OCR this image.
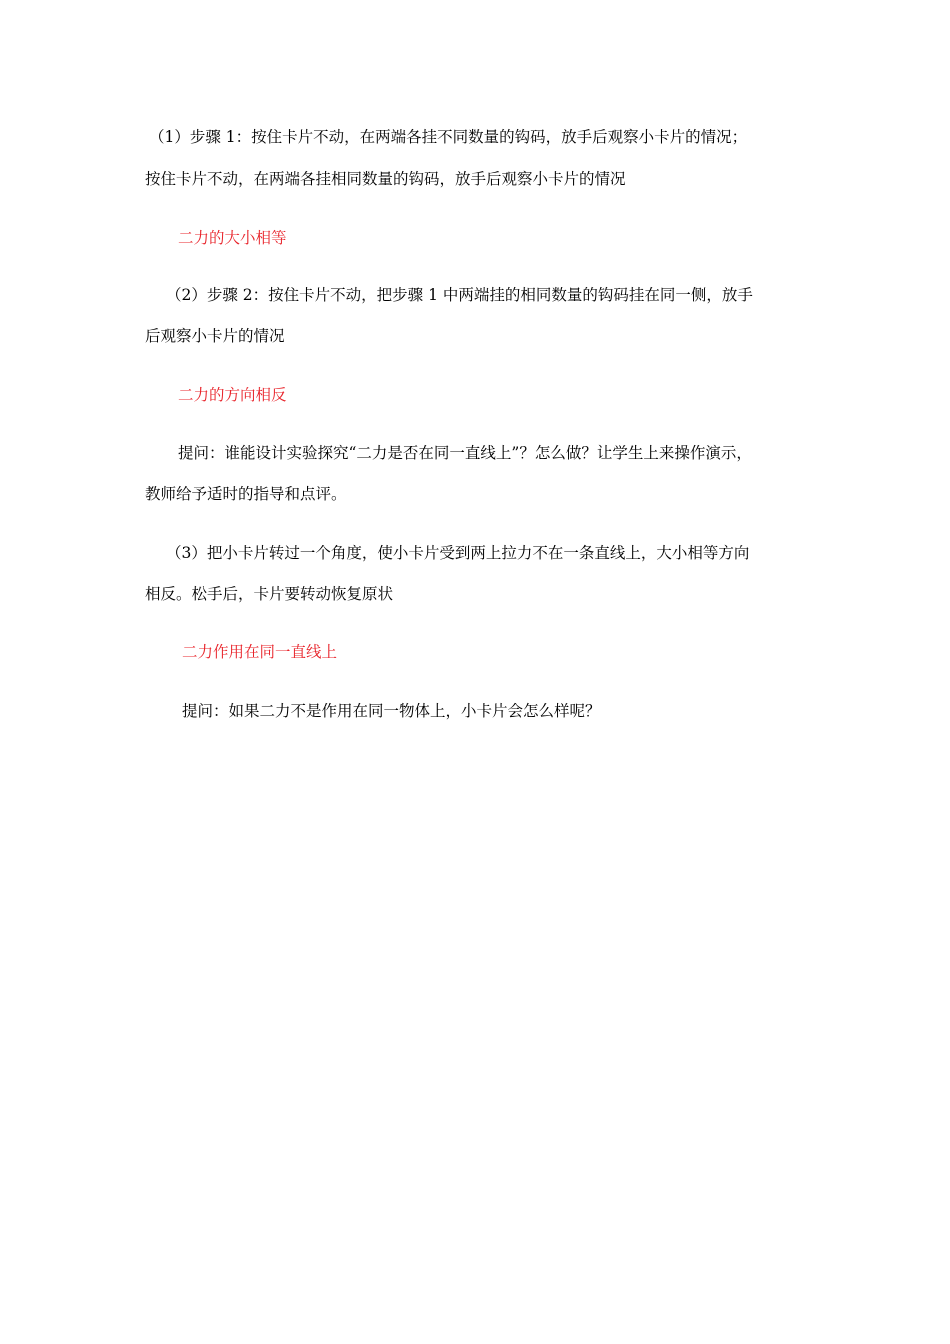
（1）步骤 1：按住卡片不动，在两端各挂不同数量的钩码，放手后观察小卡片的情况；
按住卡片不动，在两端各挂相同数量的钩码，放手后观察小卡片的情况
二力的大小相等
（2）步骤 2：按住卡片不动，把步骤 1 中两端挂的相同数量的钩码挂在同一侧，放手
后观察小卡片的情况
二力的方向相反
提问：谁能设计实验探究“二力是否在同一直线上”？怎么做？让学生上来操作演示，
教师给予适时的指导和点评。
（3）把小卡片转过一个角度，使小卡片受到两上拉力不在一条直线上，大小相等方向
相反。松手后，卡片要转动恢复原状
二力作用在同一直线上
提问：如果二力不是作用在同一物体上，小卡片会怎么样呢？
